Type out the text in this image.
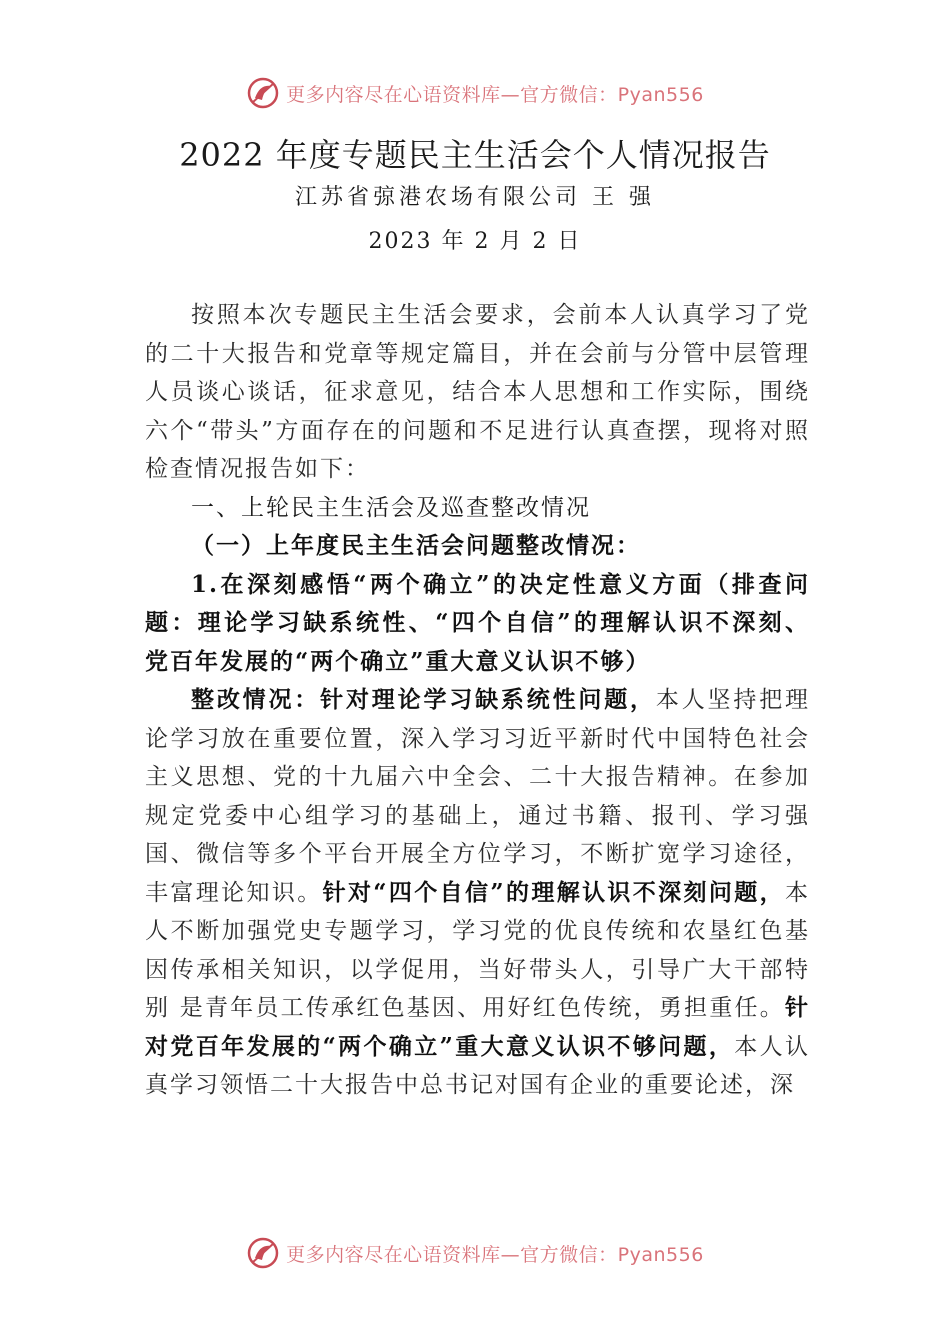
更多内容尽在心语资料库—官方微信：Pyan556
2022 年度专题民主生活会个人情况报告
江苏省弶港农场有限公司 王 强
2023 年 2 月 2 日

按照本次专题民主生活会要求，会前本人认真学习了党的二十大报告和党章等规定篇目，并在会前与分管中层管理人员谈心谈话，征求意见，结合本人思想和工作实际，围绕六个“带头”方面存在的问题和不足进行认真查摆，现将对照检查情况报告如下：

一、上轮民主生活会及巡查整改情况

（一）上年度民主生活会问题整改情况：

1.在深刻感悟“两个确立”的决定性意义方面（排查问 题：理论学习缺系统性、“四个自信”的理解认识不深刻、 党百年发展的“两个确立”重大意义认识不够）

整改情况：针对理论学习缺系统性问题，本人坚持把理论学习放在重要位置，深入学习习近平新时代中国特色社会主义思想、党的十九届六中全会、二十大报告精神。在参加规定党委中心组学习的基础上，通过书籍、报刊、学习强国、微信等多个平台开展全方位学习，不断扩宽学习途径，丰富理论知识。针对“四个自信”的理解认识不深刻问题，本人不断加强党史专题学习，学习党的优良传统和农垦红色基因传承相关知识，以学促用，当好带头人，引导广大干部特别 是青年员工传承红色基因、用好红色传统，勇担重任。针对党百年发展的“两个确立”重大意义认识不够问题，本人认 真学习领悟二十大报告中总书记对国有企业的重要论述，深

更多内容尽在心语资料库—官方微信：Pyan556
